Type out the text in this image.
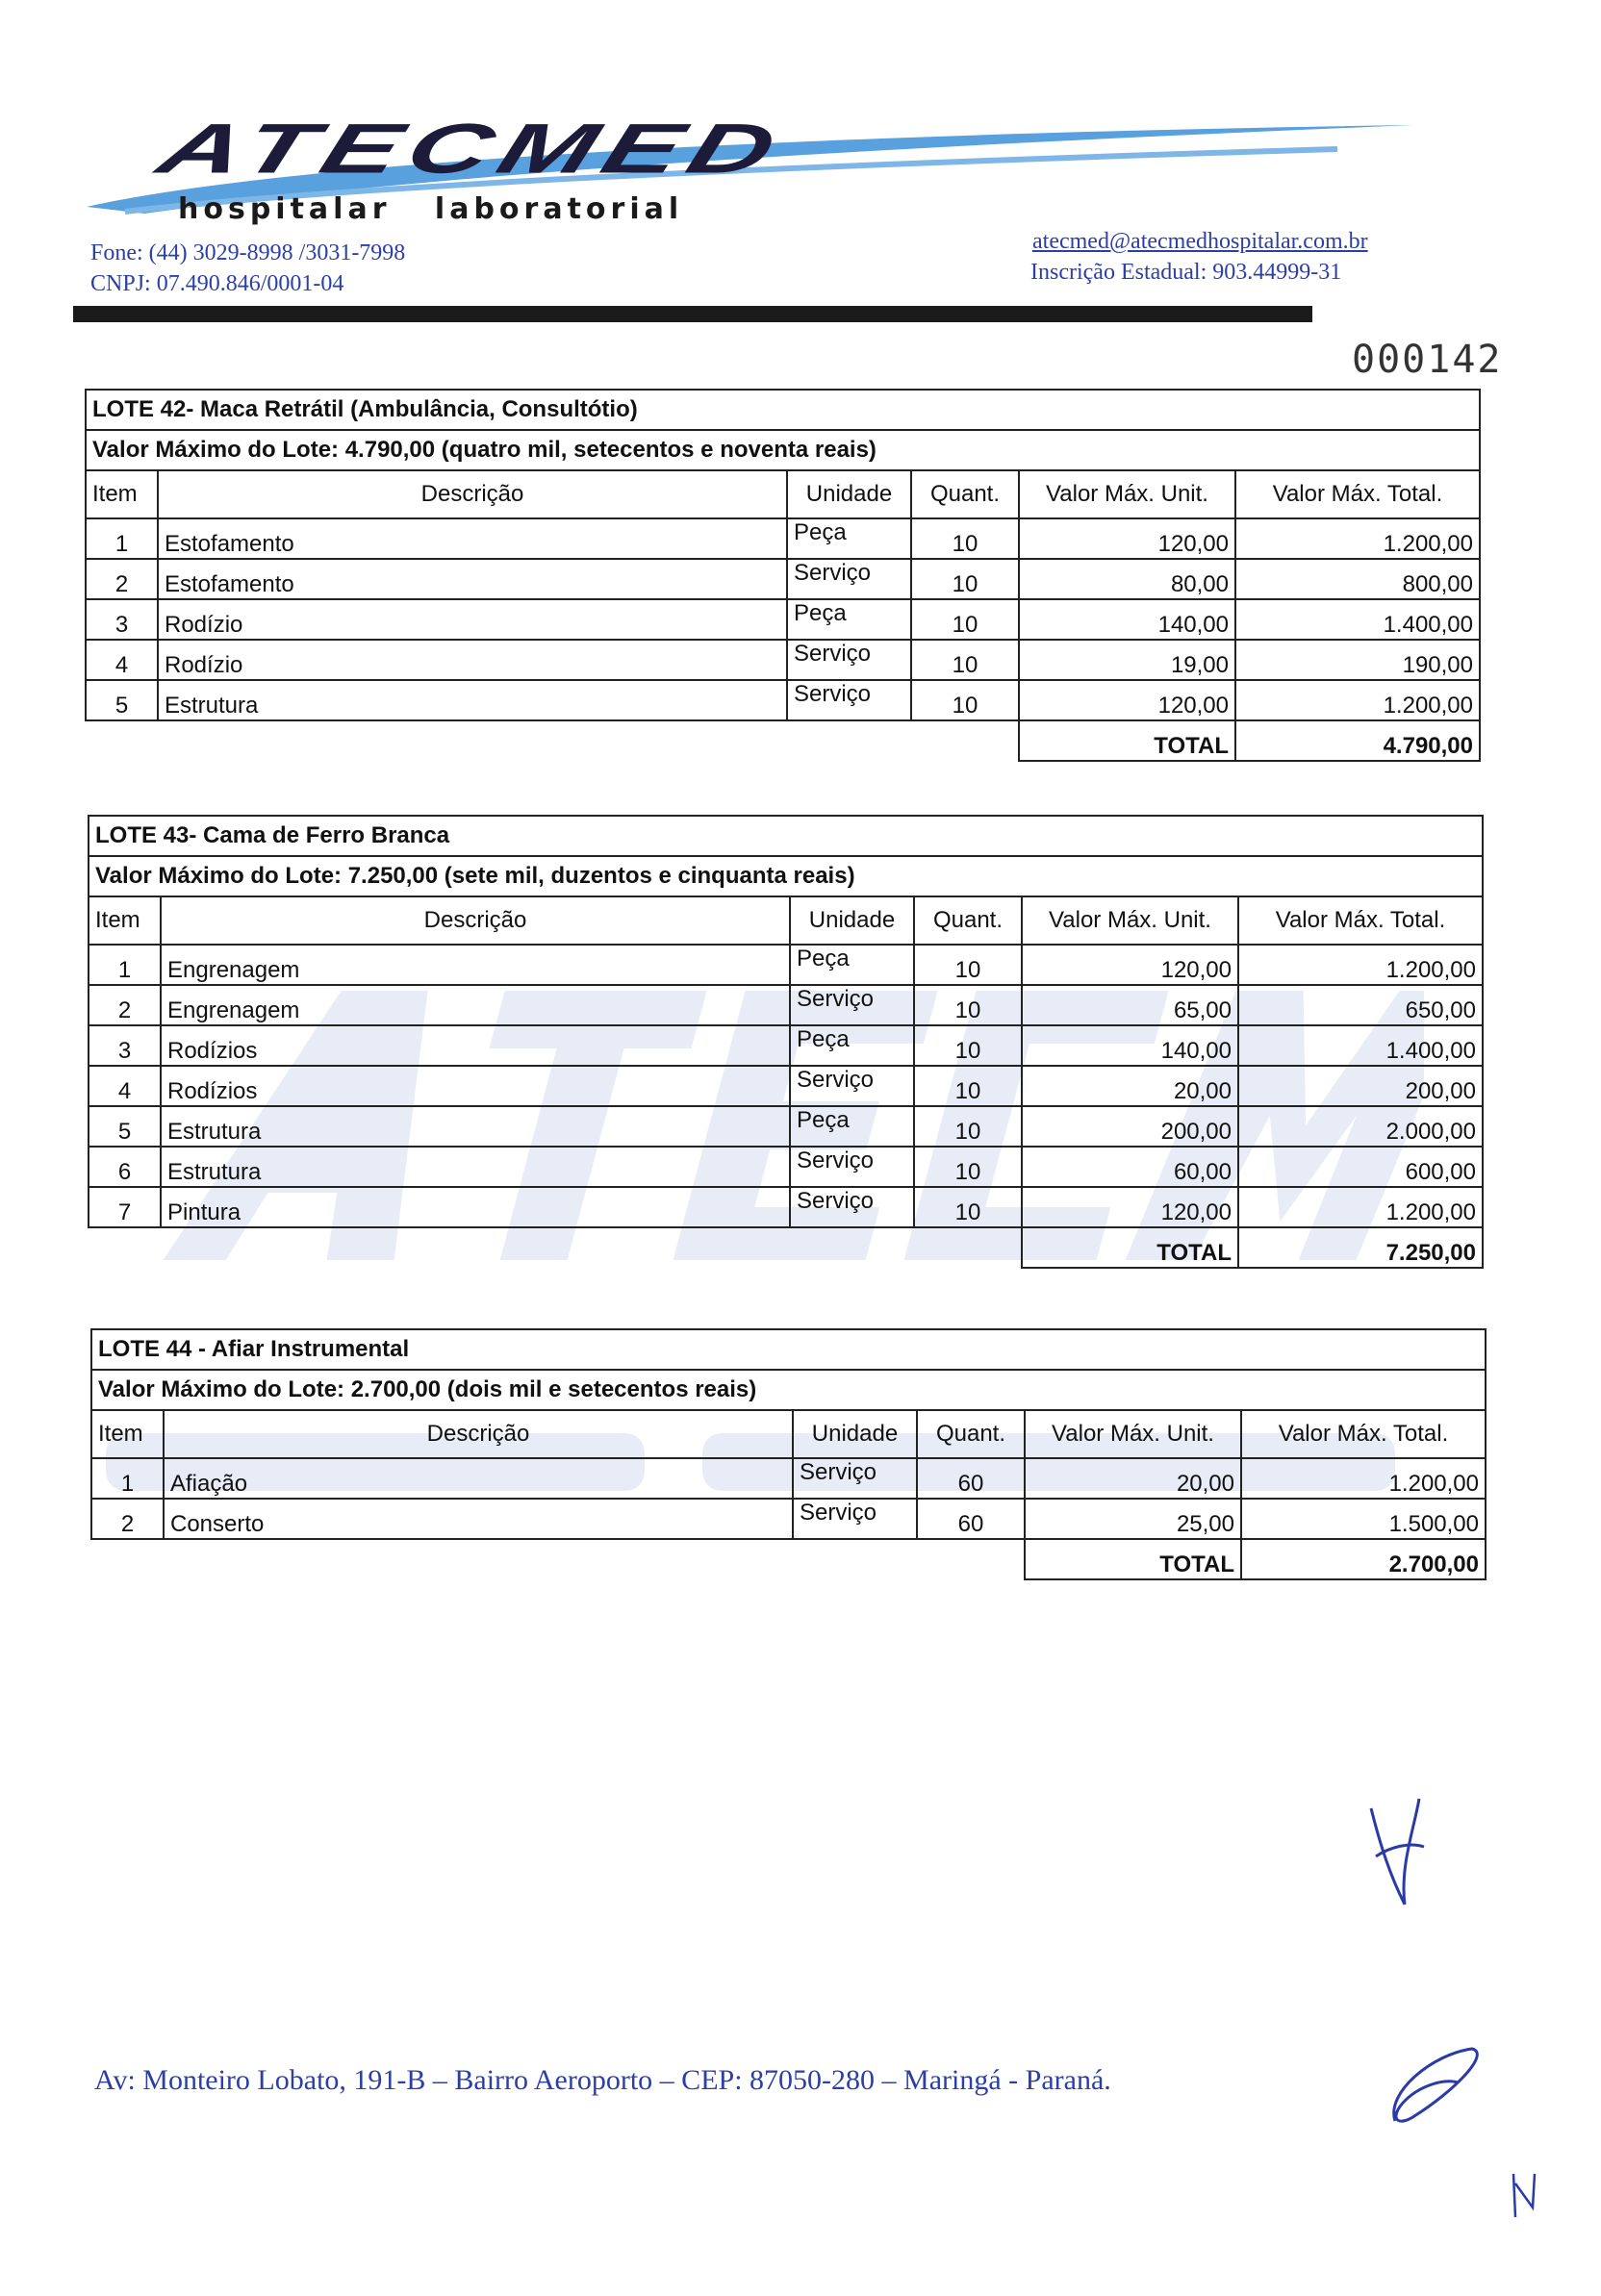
ATECMED
hospitalar laboratorial
Fone: (44) 3029-8998 /3031-7998
CNPJ: 07.490.846/0001-04
atecmed@atecmedhospitalar.com.br
Inscrição Estadual: 903.44999-31
000142
LOTE 42- Maca Retrátil (Ambulância, Consultótio)					
Valor Máximo do Lote: 4.790,00 (quatro mil, setecentos e noventa reais)					
Item	Descrição	Unidade	Quant.	Valor Máx. Unit.	Valor Máx. Total.
1	Estofamento	Peça	10	120,00	1.200,00
2	Estofamento	Serviço	10	80,00	800,00
3	Rodízio	Peça	10	140,00	1.400,00
4	Rodízio	Serviço	10	19,00	190,00
5	Estrutura	Serviço	10	120,00	1.200,00
				TOTAL	4.790,00
LOTE 43- Cama de Ferro Branca					
Valor Máximo do Lote: 7.250,00 (sete mil, duzentos e cinquanta reais)					
Item	Descrição	Unidade	Quant.	Valor Máx. Unit.	Valor Máx. Total.
1	Engrenagem	Peça	10	120,00	1.200,00
2	Engrenagem	Serviço	10	65,00	650,00
3	Rodízios	Peça	10	140,00	1.400,00
4	Rodízios	Serviço	10	20,00	200,00
5	Estrutura	Peça	10	200,00	2.000,00
6	Estrutura	Serviço	10	60,00	600,00
7	Pintura	Serviço	10	120,00	1.200,00
				TOTAL	7.250,00
LOTE 44 - Afiar Instrumental					
Valor Máximo do Lote: 2.700,00 (dois mil e setecentos reais)					
Item	Descrição	Unidade	Quant.	Valor Máx. Unit.	Valor Máx. Total.
1	Afiação	Serviço	60	20,00	1.200,00
2	Conserto	Serviço	60	25,00	1.500,00
				TOTAL	2.700,00
Av: Monteiro Lobato, 191-B – Bairro Aeroporto – CEP: 87050-280 – Maringá - Paraná.
